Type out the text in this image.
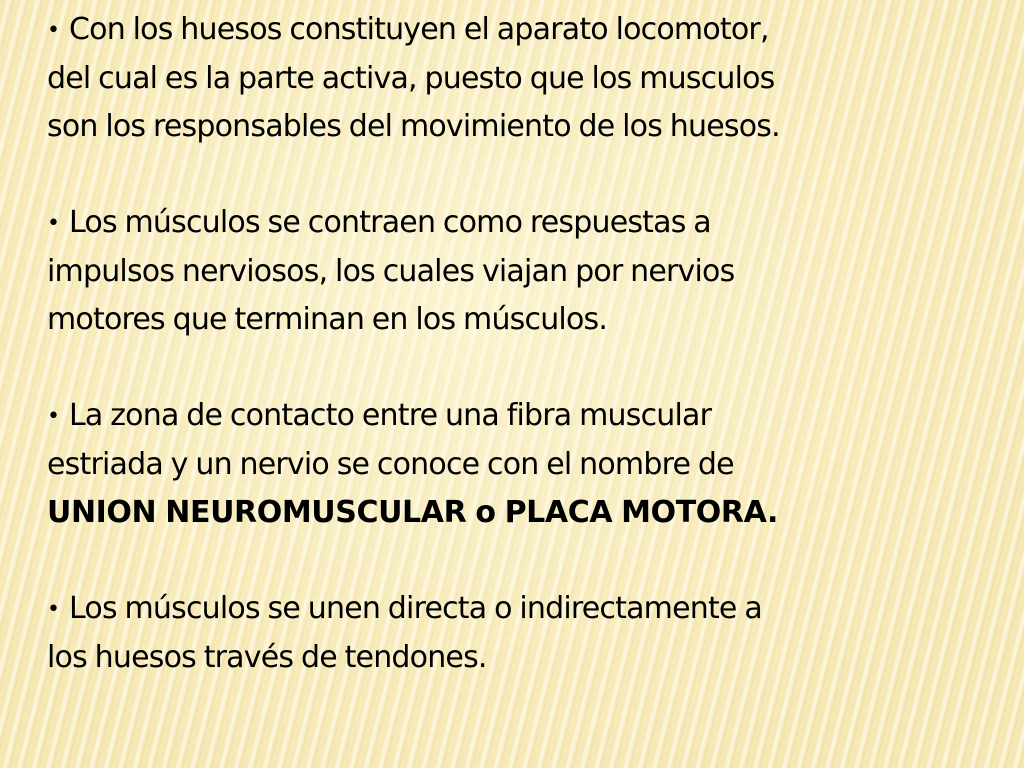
• Con los huesos constituyen el aparato locomotor,
del cual es la parte activa, puesto que los musculos
son los responsables del movimiento de los huesos.

• Los músculos se contraen como respuestas a
impulsos nerviosos, los cuales viajan por nervios
motores que terminan en los músculos.

• La zona de contacto entre una fibra muscular
estriada y un nervio se conoce con el nombre de
UNION NEUROMUSCULAR o PLACA MOTORA.

• Los músculos se unen directa o indirectamente a
los huesos través de tendones.
